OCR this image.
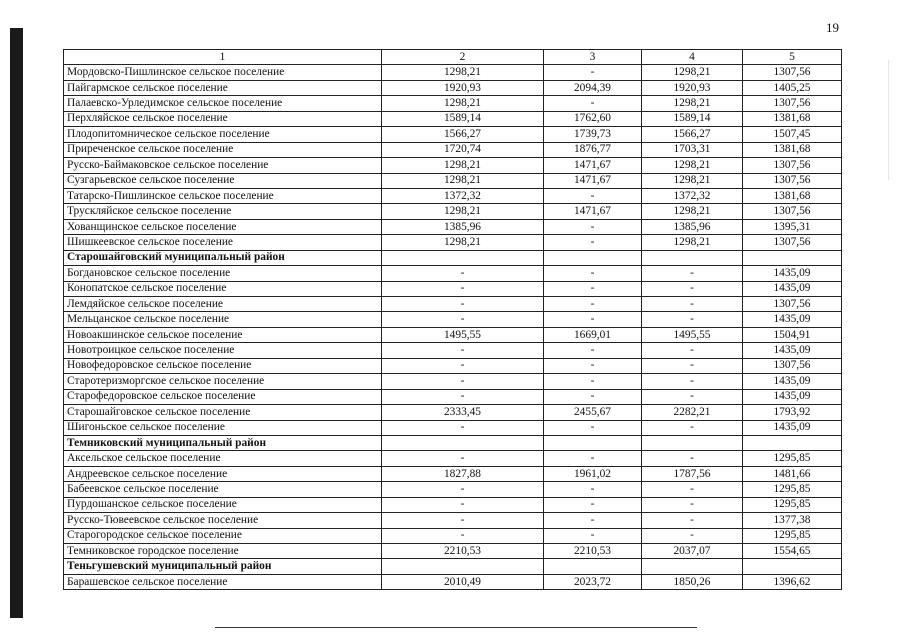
19
1	2	3	4	5
Мордовско-Пишлинское сельское поселение	1298,21	-	1298,21	1307,56
Пайгармское сельское поселение	1920,93	2094,39	1920,93	1405,25
Палаевско-Урледимское сельское поселение	1298,21	-	1298,21	1307,56
Перхляйское сельское поселение	1589,14	1762,60	1589,14	1381,68
Плодопитомническое сельское поселение	1566,27	1739,73	1566,27	1507,45
Приреченское сельское поселение	1720,74	1876,77	1703,31	1381,68
Русско-Баймаковское сельское поселение	1298,21	1471,67	1298,21	1307,56
Сузгарьевское сельское поселение	1298,21	1471,67	1298,21	1307,56
Татарско-Пишлинское сельское поселение	1372,32	-	1372,32	1381,68
Трускляйское сельское поселение	1298,21	1471,67	1298,21	1307,56
Хованщинское сельское поселение	1385,96	-	1385,96	1395,31
Шишкеевское сельское поселение	1298,21	-	1298,21	1307,56
Старошайговский муниципальный район				
Богдановское сельское поселение	-	-	-	1435,09
Конопатское сельское поселение	-	-	-	1435,09
Лемдяйское сельское поселение	-	-	-	1307,56
Мельцанское сельское поселение	-	-	-	1435,09
Новоакшинское сельское поселение	1495,55	1669,01	1495,55	1504,91
Новотроицкое сельское поселение	-	-	-	1435,09
Новофедоровское сельское поселение	-	-	-	1307,56
Старотеризморгское сельское поселение	-	-	-	1435,09
Старофедоровское сельское поселение	-	-	-	1435,09
Старошайговское сельское поселение	2333,45	2455,67	2282,21	1793,92
Шигоньское сельское поселение	-	-	-	1435,09
Темниковский муниципальный район				
Аксельское сельское поселение	-	-	-	1295,85
Андреевское сельское поселение	1827,88	1961,02	1787,56	1481,66
Бабеевское сельское поселение	-	-	-	1295,85
Пурдошанское сельское поселение	-	-	-	1295,85
Русско-Тювеевское сельское поселение	-	-	-	1377,38
Старогородское сельское поселение	-	-	-	1295,85
Темниковское городское поселение	2210,53	2210,53	2037,07	1554,65
Теньгушевский муниципальный район				
Барашевское сельское поселение	2010,49	2023,72	1850,26	1396,62
